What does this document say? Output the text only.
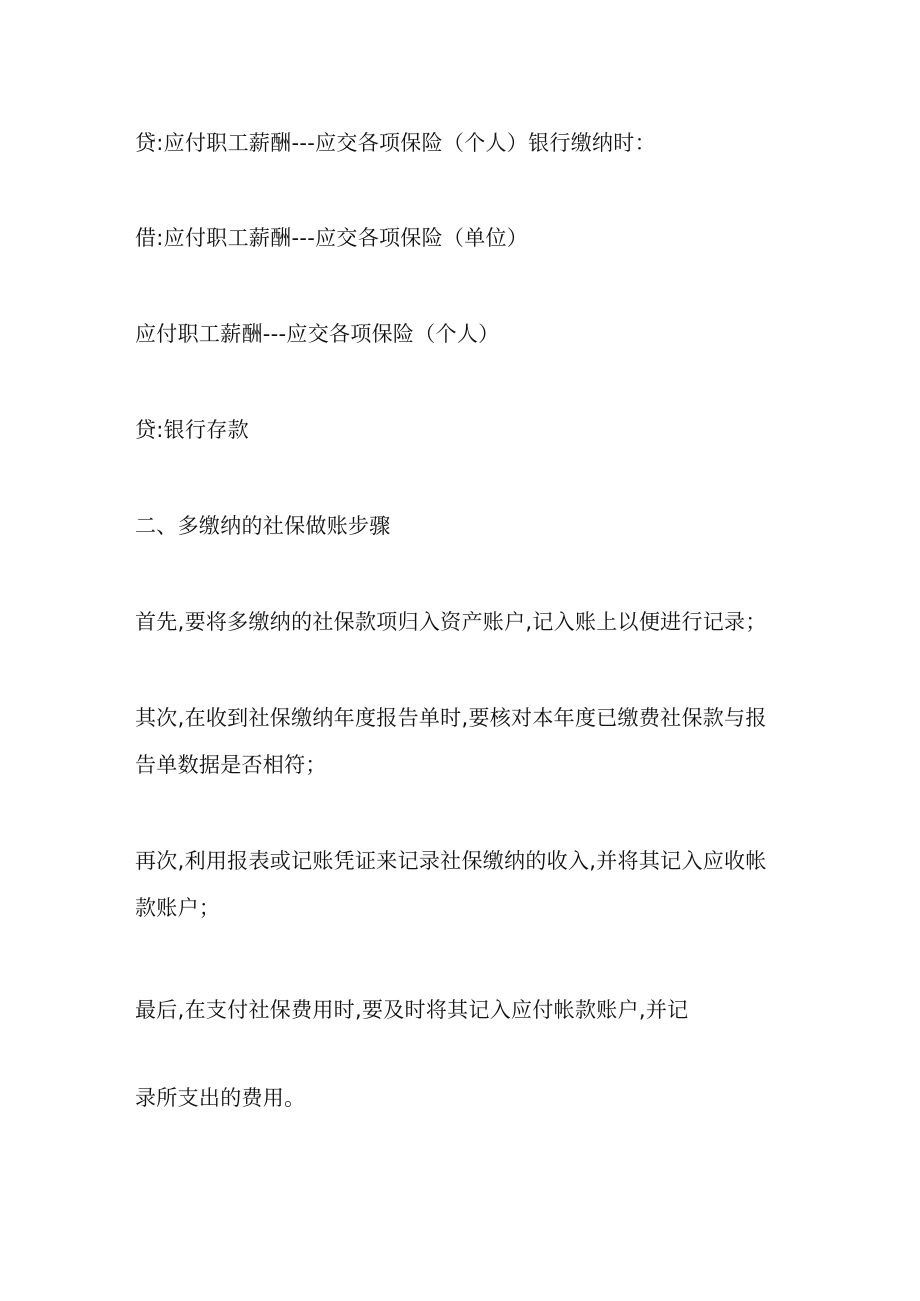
贷:应付职工薪酬---应交各项保险（个人）银行缴纳时：
借:应付职工薪酬---应交各项保险（单位）
应付职工薪酬---应交各项保险（个人）
贷:银行存款
二、多缴纳的社保做账步骤
首先,要将多缴纳的社保款项归入资产账户,记入账上以便进行记录；
其次,在收到社保缴纳年度报告单时,要核对本年度已缴费社保款与报
告单数据是否相符；
再次,利用报表或记账凭证来记录社保缴纳的收入,并将其记入应收帐
款账户；
最后,在支付社保费用时,要及时将其记入应付帐款账户,并记
录所支出的费用。
